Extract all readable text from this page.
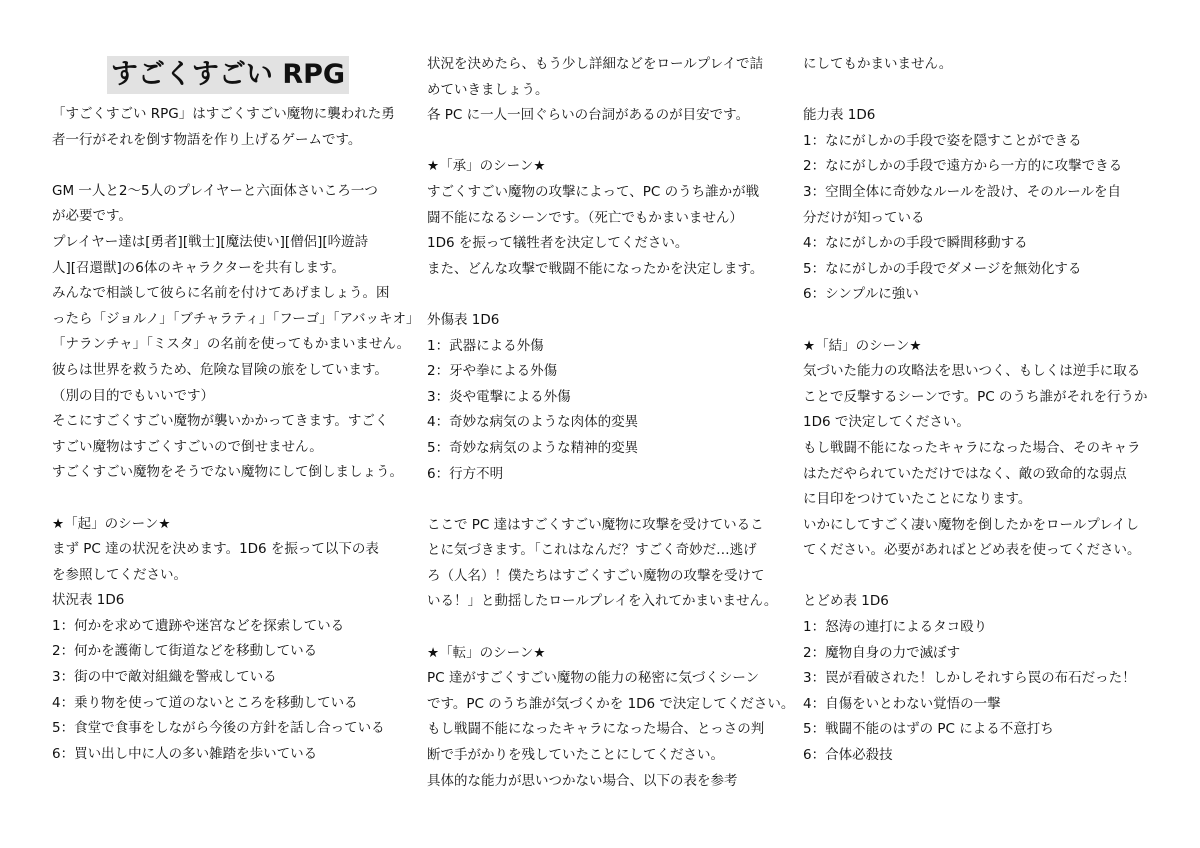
すごくすごい RPG
「すごくすごい RPG」はすごくすごい魔物に襲われた勇
者一行がそれを倒す物語を作り上げるゲームです。
GM 一人と2～5人のプレイヤーと六面体さいころ一つ
が必要です。
プレイヤー達は[勇者][戦士][魔法使い][僧侶][吟遊詩
人][召還獣]の6体のキャラクターを共有します。
みんなで相談して彼らに名前を付けてあげましょう。困
ったら「ジョルノ」「ブチャラティ」「フーゴ」「アバッキオ」
「ナランチャ」「ミスタ」の名前を使ってもかまいません。
彼らは世界を救うため、危険な冒険の旅をしています。
（別の目的でもいいです）
そこにすごくすごい魔物が襲いかかってきます。すごく
すごい魔物はすごくすごいので倒せません。
すごくすごい魔物をそうでない魔物にして倒しましょう。
★「起」のシーン★
まず PC 達の状況を決めます。1D6 を振って以下の表
を参照してください。
状況表 1D6
1：何かを求めて遺跡や迷宮などを探索している
2：何かを護衛して街道などを移動している
3：街の中で敵対組織を警戒している
4：乗り物を使って道のないところを移動している
5：食堂で食事をしながら今後の方針を話し合っている
6：買い出し中に人の多い雑踏を歩いている
状況を決めたら、もう少し詳細などをロールプレイで詰
めていきましょう。
各 PC に一人一回ぐらいの台詞があるのが目安です。
★「承」のシーン★
すごくすごい魔物の攻撃によって、PC のうち誰かが戦
闘不能になるシーンです。（死亡でもかまいません）
1D6 を振って犠牲者を決定してください。
また、どんな攻撃で戦闘不能になったかを決定します。
外傷表 1D6
1：武器による外傷
2：牙や拳による外傷
3：炎や電撃による外傷
4：奇妙な病気のような肉体的変異
5：奇妙な病気のような精神的変異
6：行方不明
ここで PC 達はすごくすごい魔物に攻撃を受けているこ
とに気づきます。「これはなんだ？すごく奇妙だ…逃げ
ろ（人名）！僕たちはすごくすごい魔物の攻撃を受けて
いる！」と動揺したロールプレイを入れてかまいません。
★「転」のシーン★
PC 達がすごくすごい魔物の能力の秘密に気づくシーン
です。PC のうち誰が気づくかを 1D6 で決定してください。
もし戦闘不能になったキャラになった場合、とっさの判
断で手がかりを残していたことにしてください。
具体的な能力が思いつかない場合、以下の表を参考
にしてもかまいません。
能力表 1D6
1：なにがしかの手段で姿を隠すことができる
2：なにがしかの手段で遠方から一方的に攻撃できる
3：空間全体に奇妙なルールを設け、そのルールを自
分だけが知っている
4：なにがしかの手段で瞬間移動する
5：なにがしかの手段でダメージを無効化する
6：シンプルに強い
★「結」のシーン★
気づいた能力の攻略法を思いつく、もしくは逆手に取る
ことで反撃するシーンです。PC のうち誰がそれを行うか
1D6 で決定してください。
もし戦闘不能になったキャラになった場合、そのキャラ
はただやられていただけではなく、敵の致命的な弱点
に目印をつけていたことになります。
いかにしてすごく凄い魔物を倒したかをロールプレイし
てください。必要があればとどめ表を使ってください。
とどめ表 1D6
1：怒涛の連打によるタコ殴り
2：魔物自身の力で滅ぼす
3：罠が看破された！しかしそれすら罠の布石だった！
4：自傷をいとわない覚悟の一撃
5：戦闘不能のはずの PC による不意打ち
6：合体必殺技
